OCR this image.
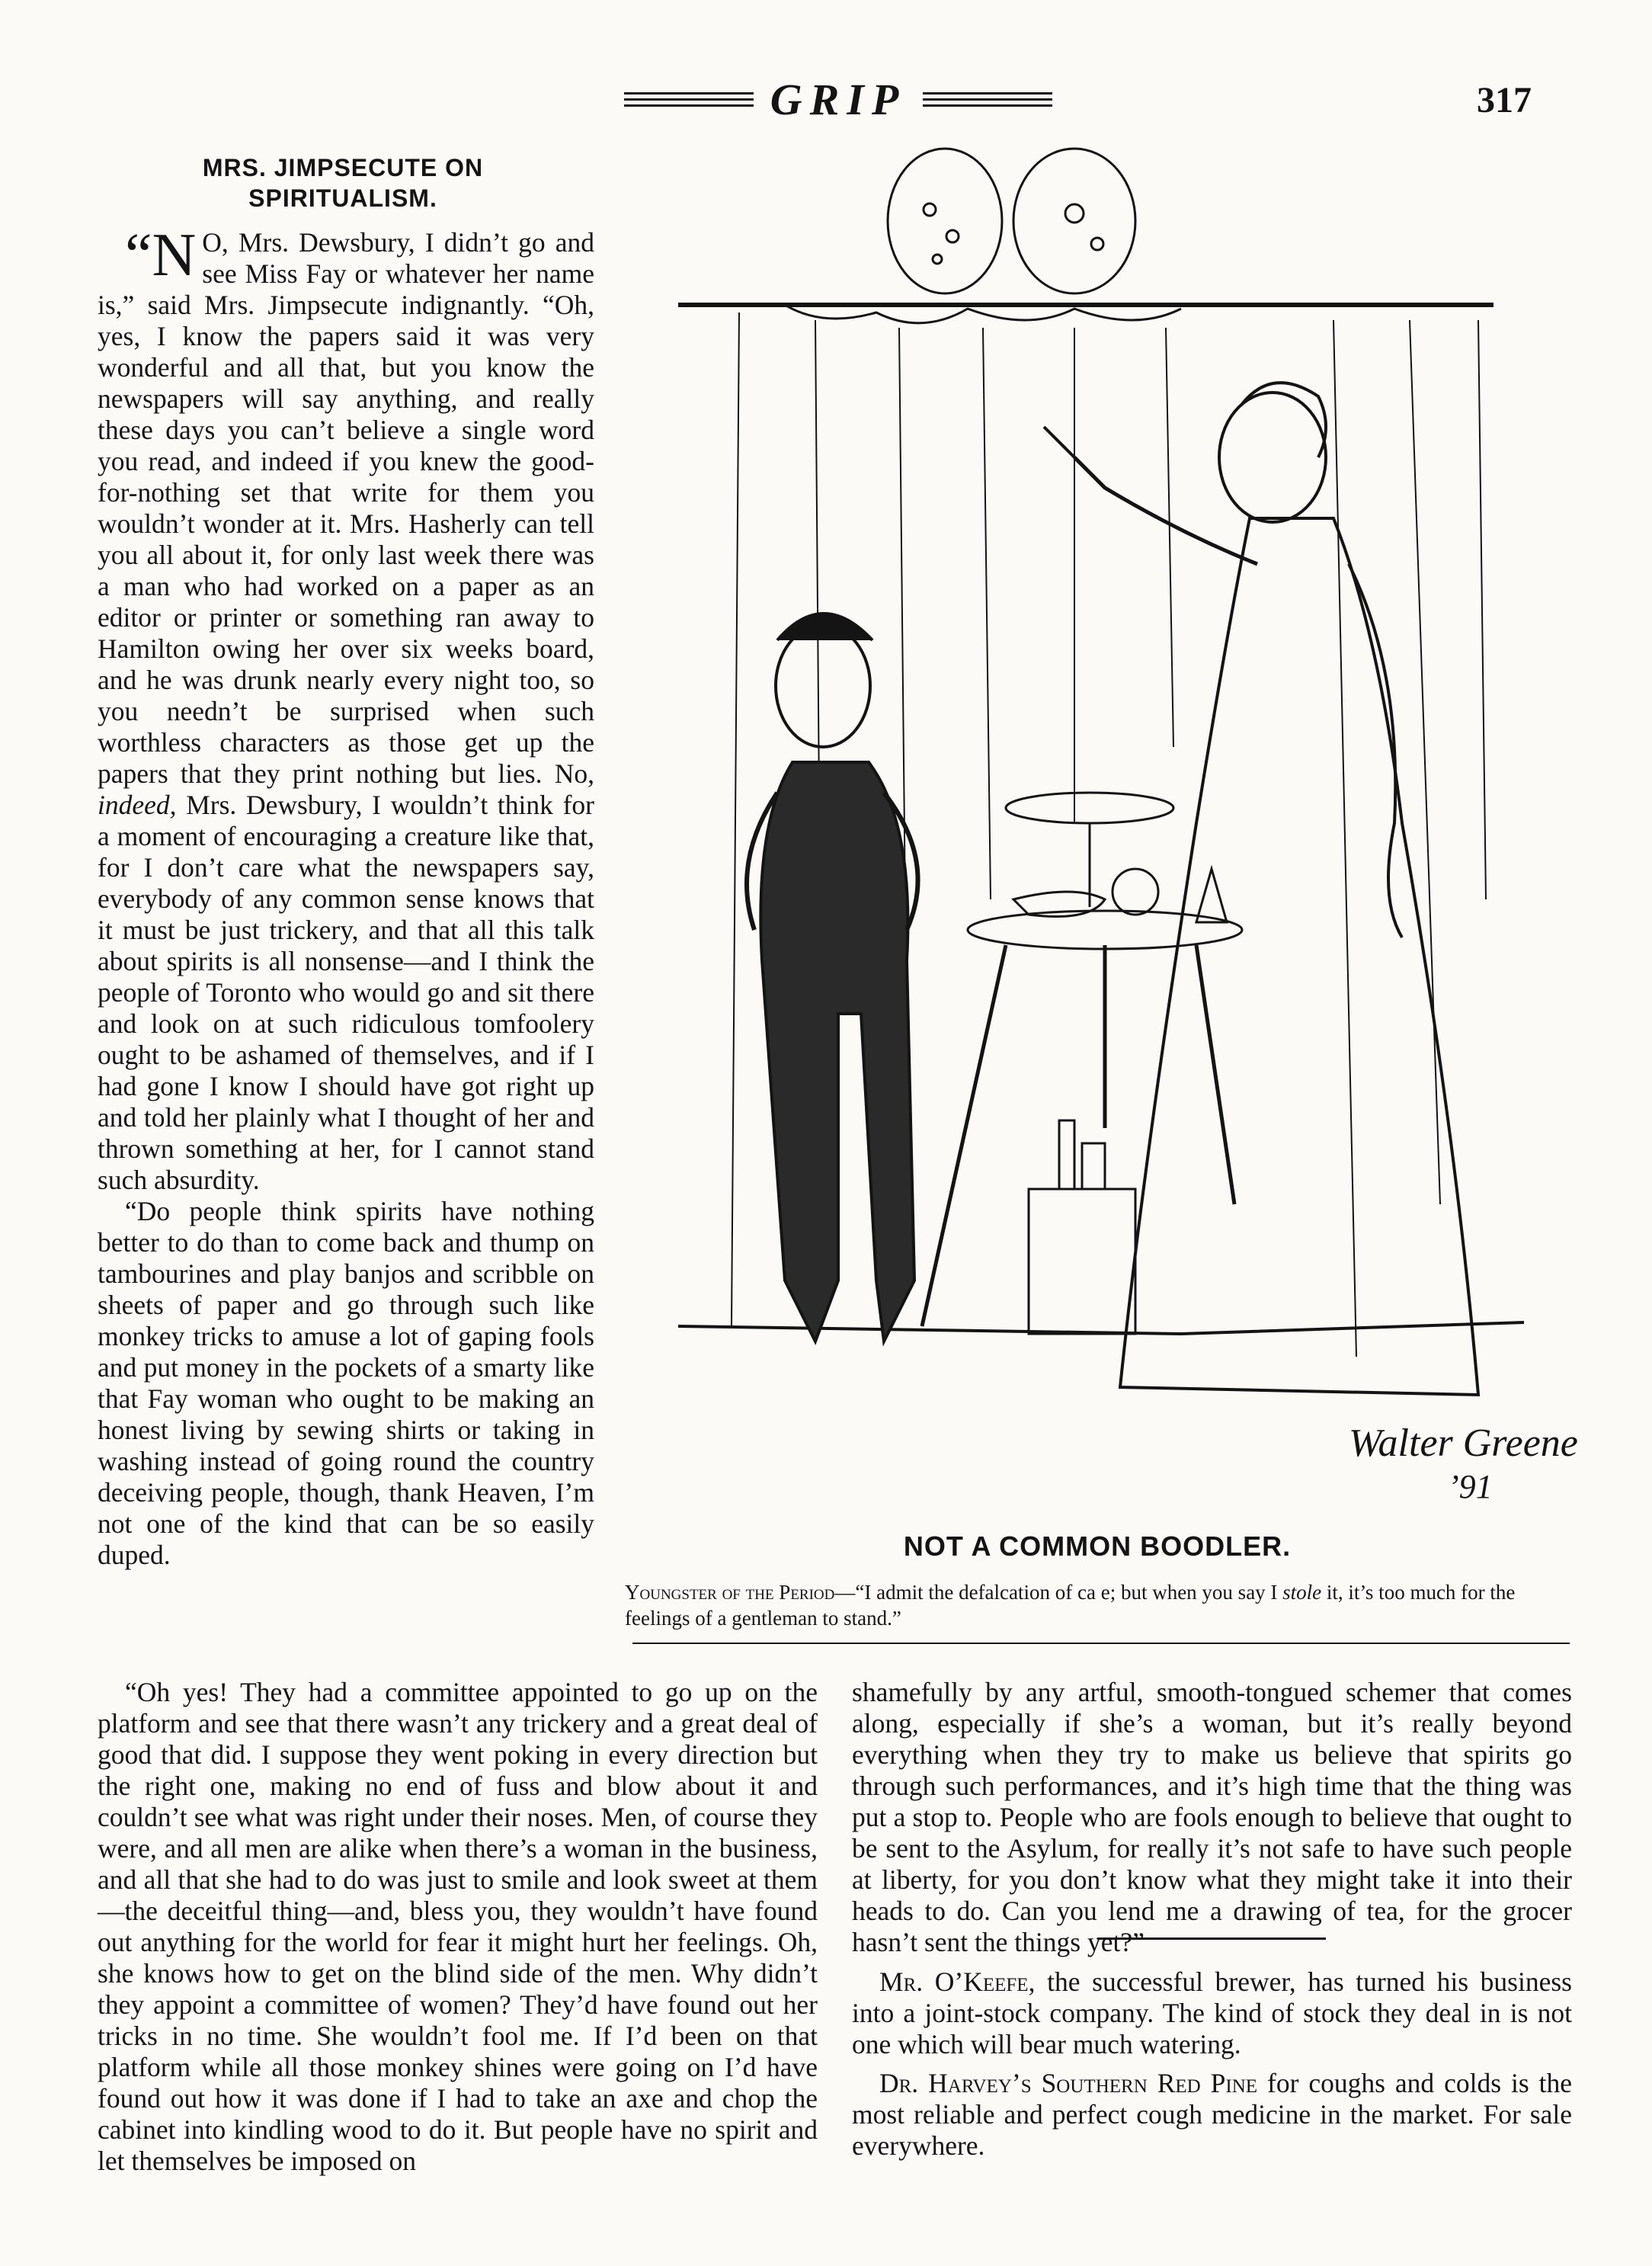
GRIP	317
MRS. JIMPSECUTE ON
SPIRITUALISM.

“N O, Mrs. Dewsbury, I didn’t go and see Miss Fay or whatever her name is,” said Mrs. Jimpsecute indignantly. “Oh, yes, I know the papers said it was very wonderful and all that, but you know the newspapers will say anything, and really these days you can’t believe a single word you read, and indeed if you knew the good-for-nothing set that write for them you wouldn’t wonder at it. Mrs. Hasherly can tell you all about it, for only last week there was a man who had worked on a paper as an editor or printer or something ran away to Hamilton owing her over six weeks board, and he was drunk nearly every night too, so you needn’t be surprised when such worthless characters as those get up the papers that they print nothing but lies. No, indeed, Mrs. Dewsbury, I wouldn’t think for a moment of encouraging a creature like that, for I don’t care what the newspapers say, everybody of any common sense knows that it must be just trickery, and that all this talk about spirits is all nonsense—and I think the people of Toronto who would go and sit there and look on at such ridiculous tomfoolery ought to be ashamed of themselves, and if I had gone I know I should have got right up and told her plainly what I thought of her and thrown something at her, for I cannot stand such absurdity.

“Do people think spirits have nothing better to do than to come back and thump on tambourines and play banjos and scribble on sheets of paper and go through such like monkey tricks to amuse a lot of gaping fools and put money in the pockets of a smarty like that Fay woman who ought to be making an honest living by sewing shirts or taking in washing instead of going round the country deceiving people, though, thank Heaven, I’m not one of the kind that can be so easily duped.

Walter Greene
’91
NOT A COMMON BOODLER.
Youngster of the Period—“I admit the defalcation of ca e; but when you say I stole it, it’s too much for the feelings of a gentleman to stand.”

“Oh yes! They had a committee appointed to go up on the platform and see that there wasn’t any trickery and a great deal of good that did. I suppose they went poking in every direction but the right one, making no end of fuss and blow about it and couldn’t see what was right under their noses. Men, of course they were, and all men are alike when there’s a woman in the business, and all that she had to do was just to smile and look sweet at them—the deceitful thing—and, bless you, they wouldn’t have found out anything for the world for fear it might hurt her feelings. Oh, she knows how to get on the blind side of the men. Why didn’t they appoint a committee of women? They’d have found out her tricks in no time. She wouldn’t fool me. If I’d been on that platform while all those monkey shines were going on I’d have found out how it was done if I had to take an axe and chop the cabinet into kindling wood to do it. But people have no spirit and let themselves be imposed on

shamefully by any artful, smooth-tongued schemer that comes along, especially if she’s a woman, but it’s really beyond everything when they try to make us believe that spirits go through such performances, and it’s high time that the thing was put a stop to. People who are fools enough to believe that ought to be sent to the Asylum, for really it’s not safe to have such people at liberty, for you don’t know what they might take it into their heads to do. Can you lend me a drawing of tea, for the grocer hasn’t sent the things yet?”

Mr. O’Keefe, the successful brewer, has turned his business into a joint-stock company. The kind of stock they deal in is not one which will bear much watering.

Dr. Harvey’s Southern Red Pine for coughs and colds is the most reliable and perfect cough medicine in the market. For sale everywhere.
